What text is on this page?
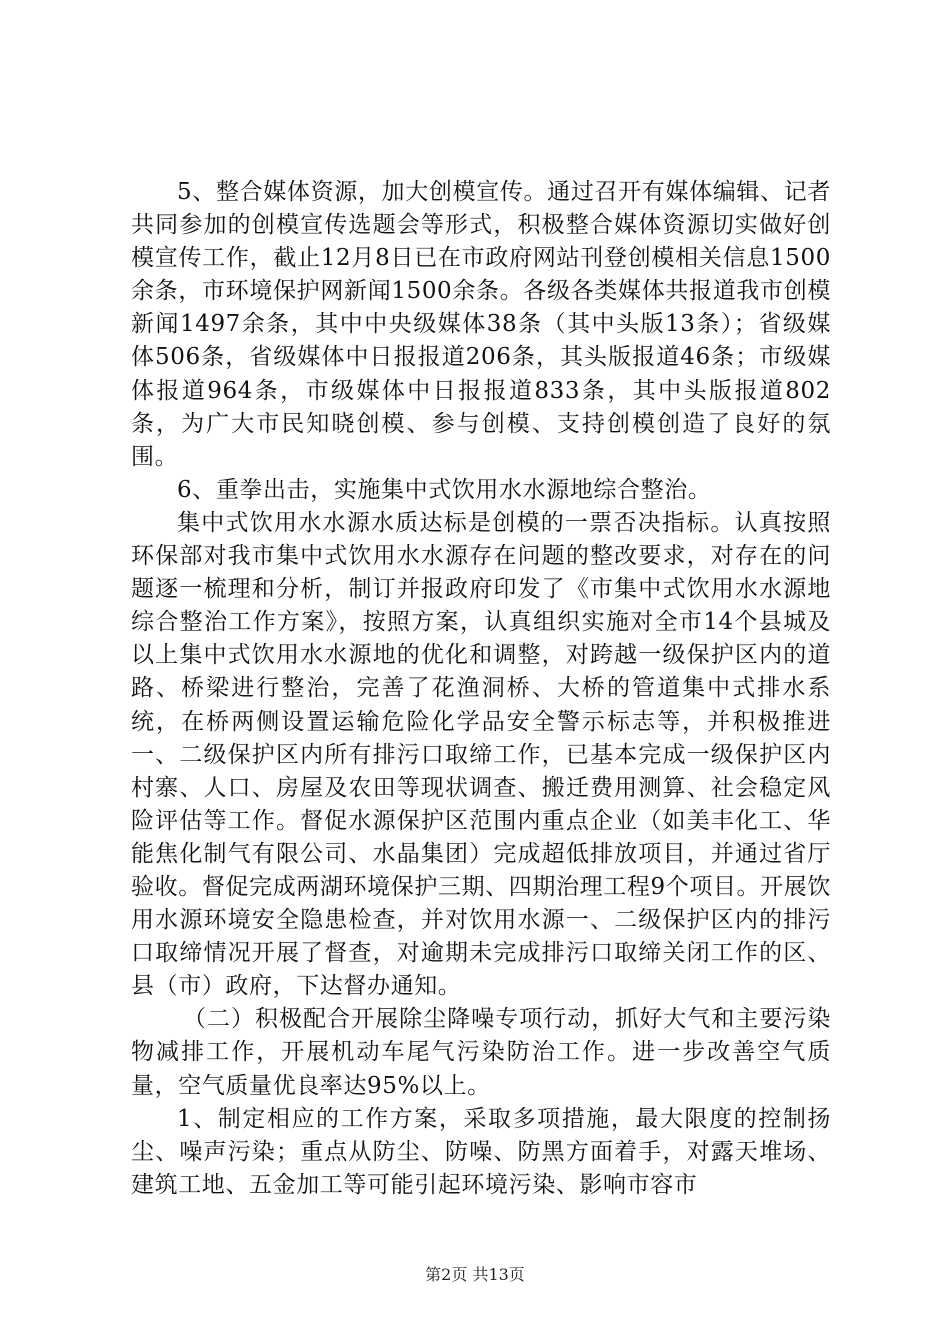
5、整合媒体资源，加大创模宣传。通过召开有媒体编辑、记者共同参加的创模宣传选题会等形式，积极整合媒体资源切实做好创模宣传工作，截止12月8日已在市政府网站刊登创模相关信息1500余条，市环境保护网新闻1500余条。各级各类媒体共报道我市创模新闻1497余条，其中中央级媒体38条（其中头版13条）；省级媒体506条，省级媒体中日报报道206条，其头版报道46条；市级媒体报道964条，市级媒体中日报报道833条，其中头版报道802条，为广大市民知晓创模、参与创模、支持创模创造了良好的氛围。

6、重拳出击，实施集中式饮用水水源地综合整治。

集中式饮用水水源水质达标是创模的一票否决指标。认真按照环保部对我市集中式饮用水水源存在问题的整改要求，对存在的问题逐一梳理和分析，制订并报政府印发了《市集中式饮用水水源地综合整治工作方案》，按照方案，认真组织实施对全市14个县城及以上集中式饮用水水源地的优化和调整，对跨越一级保护区内的道路、桥梁进行整治，完善了花渔洞桥、大桥的管道集中式排水系统，在桥两侧设置运输危险化学品安全警示标志等，并积极推进一、二级保护区内所有排污口取缔工作，已基本完成一级保护区内村寨、人口、房屋及农田等现状调查、搬迁费用测算、社会稳定风险评估等工作。督促水源保护区范围内重点企业（如美丰化工、华能焦化制气有限公司、水晶集团）完成超低排放项目，并通过省厅验收。督促完成两湖环境保护三期、四期治理工程9个项目。开展饮用水源环境安全隐患检查，并对饮用水源一、二级保护区内的排污口取缔情况开展了督查，对逾期未完成排污口取缔关闭工作的区、县（市）政府，下达督办通知。

（二）积极配合开展除尘降噪专项行动，抓好大气和主要污染物减排工作，开展机动车尾气污染防治工作。进一步改善空气质量，空气质量优良率达95%以上。

1、制定相应的工作方案，采取多项措施，最大限度的控制扬尘、噪声污染；重点从防尘、防噪、防黑方面着手，对露天堆场、建筑工地、五金加工等可能引起环境污染、影响市容市

第2页 共13页
